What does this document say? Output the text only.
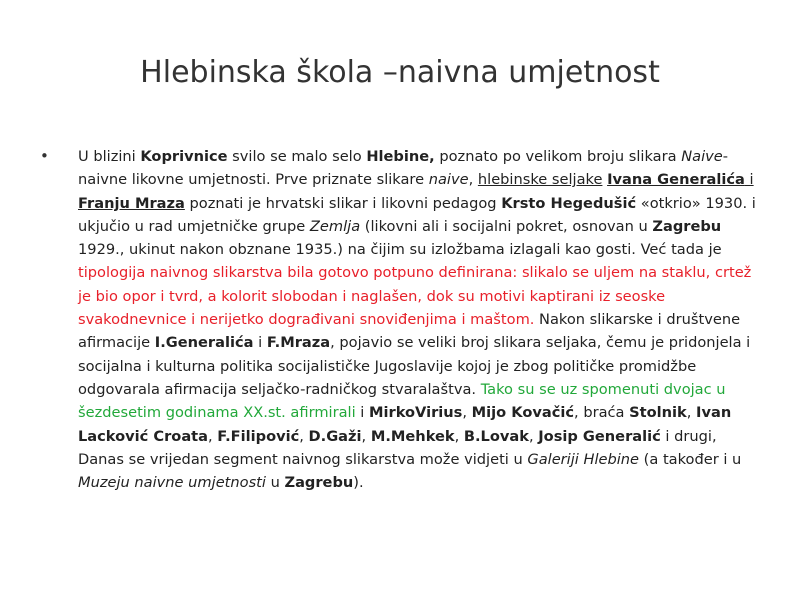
Hlebinska škola –naivna umjetnost
• U blizini Koprivnice svilo se malo selo Hlebine, poznato po velikom broju slikara Naive- naivne likovne umjetnosti. Prve priznate slikare naive, hlebinske seljake Ivana Generalića i Franju Mraza poznati je hrvatski slikar i likovni pedagog Krsto Hegedušić «otkrio» 1930. i ukjučio u rad umjetničke grupe Zemlja (likovni ali i socijalni pokret, osnovan u Zagrebu 1929., ukinut nakon obznane 1935.) na čijim su izložbama izlagali kao gosti. Već tada je tipologija naivnog slikarstva bila gotovo potpuno definirana: slikalo se uljem na staklu, crtež je bio opor i tvrd, a kolorit slobodan i naglašen, dok su motivi kaptirani iz seoske svakodnevnice i nerijetko dograđivani snoviđenjima i maštom. Nakon slikarske i društvene afirmacije I.Generalića i F.Mraza, pojavio se veliki broj slikara seljaka, čemu je pridonjela i socijalna i kulturna politika socijalističke Jugoslavije kojoj je zbog političke promidžbe odgovarala afirmacija seljačko-radničkog stvaralaštva. Tako su se uz spomenuti dvojac u šezdesetim godinama XX.st. afirmirali i MirkoVirius, Mijo Kovačić, braća Stolnik, Ivan Lacković Croata, F.Filipović, D.Gaži, M.Mehkek, B.Lovak, Josip Generalić i drugi, Danas se vrijedan segment naivnog slikarstva može vidjeti u Galeriji Hlebine (a također i u Muzeju naivne umjetnosti u Zagrebu).
